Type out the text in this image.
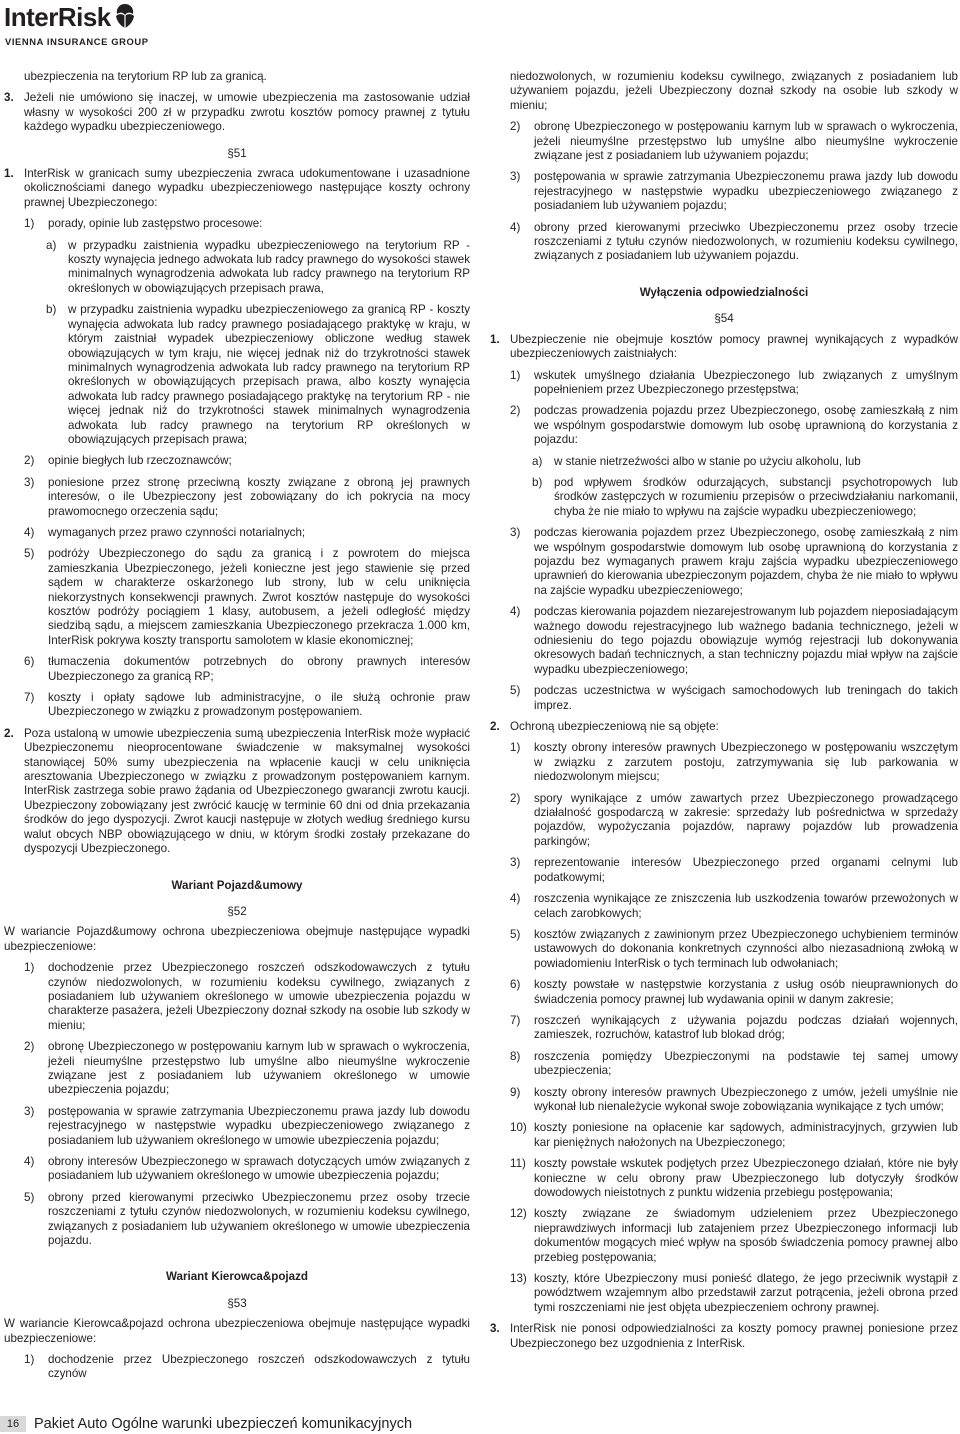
InterRisk
VIENNA INSURANCE GROUP
ubezpieczenia na terytorium RP lub za granicą.
3. Jeżeli nie umówiono się inaczej, w umowie ubezpieczenia ma zastosowanie udział własny w wysokości 200 zł w przypadku zwrotu kosztów pomocy prawnej z tytułu każdego wypadku ubezpieczeniowego.
§51
1. InterRisk w granicach sumy ubezpieczenia zwraca udokumentowane i uzasadnione okolicznościami danego wypadku ubezpieczeniowego następujące koszty ochrony prawnej Ubezpieczonego:
1)	porady, opinie lub zastępstwo procesowe:
a)	w przypadku zaistnienia wypadku ubezpieczeniowego na terytorium RP - koszty wynajęcia jednego adwokata lub radcy prawnego do wysokości stawek minimalnych wynagrodzenia adwokata lub radcy prawnego na terytorium RP określonych w obowiązujących przepisach prawa,
b)	w przypadku zaistnienia wypadku ubezpieczeniowego za granicą RP - koszty wynajęcia adwokata lub radcy prawnego posiadającego praktykę w kraju, w którym zaistniał wypadek ubezpieczeniowy obliczone według stawek obowiązujących w tym kraju, nie więcej jednak niż do trzykrotności stawek minimalnych wynagrodzenia adwokata lub radcy prawnego na terytorium RP określonych w obowiązujących przepisach prawa, albo koszty wynajęcia adwokata lub radcy prawnego posiadającego praktykę na terytorium RP - nie więcej jednak niż do trzykrotności stawek minimalnych wynagrodzenia adwokata lub radcy prawnego na terytorium RP określonych w obowiązujących przepisach prawa;
2)	opinie biegłych lub rzeczoznawców;
3)	poniesione przez stronę przeciwną koszty związane z obroną jej prawnych interesów, o ile Ubezpieczony jest zobowiązany do ich pokrycia na mocy prawomocnego orzeczenia sądu;
4)	wymaganych przez prawo czynności notarialnych;
5)	podróży Ubezpieczonego do sądu za granicą i z powrotem do miejsca zamieszkania Ubezpieczonego, jeżeli konieczne jest jego stawienie się przed sądem w charakterze oskarżonego lub strony, lub w celu uniknięcia niekorzystnych konsekwencji prawnych. Zwrot kosztów następuje do wysokości kosztów podróży pociągiem 1 klasy, autobusem, a jeżeli odległość między siedzibą sądu, a miejscem zamieszkania Ubezpieczonego przekracza 1.000 km, InterRisk pokrywa koszty transportu samolotem w klasie ekonomicznej;
6)	tłumaczenia dokumentów potrzebnych do obrony prawnych interesów Ubezpieczonego za granicą RP;
7)	koszty i opłaty sądowe lub administracyjne, o ile służą ochronie praw Ubezpieczonego w związku z prowadzonym postępowaniem.
2. Poza ustaloną w umowie ubezpieczenia sumą ubezpieczenia InterRisk może wypłacić Ubezpieczonemu nieoprocentowane świadczenie w maksymalnej wysokości stanowiącej 50% sumy ubezpieczenia na wpłacenie kaucji w celu uniknięcia aresztowania Ubezpieczonego w związku z prowadzonym postępowaniem karnym. InterRisk zastrzega sobie prawo żądania od Ubezpieczonego gwarancji zwrotu kaucji. Ubezpieczony zobowiązany jest zwrócić kaucję w terminie 60 dni od dnia przekazania środków do jego dyspozycji. Zwrot kaucji następuje w złotych według średniego kursu walut obcych NBP obowiązującego w dniu, w którym środki zostały przekazane do dyspozycji Ubezpieczonego.
Wariant Pojazd&umowy
§52
W wariancie Pojazd&umowy ochrona ubezpieczeniowa obejmuje następujące wypadki ubezpieczeniowe:
1)	dochodzenie przez Ubezpieczonego roszczeń odszkodowawczych z tytułu czynów niedozwolonych, w rozumieniu kodeksu cywilnego, związanych z posiadaniem lub używaniem określonego w umowie ubezpieczenia pojazdu w charakterze pasażera, jeżeli Ubezpieczony doznał szkody na osobie lub szkody w mieniu;
2)	obronę Ubezpieczonego w postępowaniu karnym lub w sprawach o wykroczenia, jeżeli nieumyślne przestępstwo lub umyślne albo nieumyślne wykroczenie związane jest z posiadaniem lub używaniem określonego w umowie ubezpieczenia pojazdu;
3)	postępowania w sprawie zatrzymania Ubezpieczonemu prawa jazdy lub dowodu rejestracyjnego w następstwie wypadku ubezpieczeniowego związanego z posiadaniem lub używaniem określonego w umowie ubezpieczenia pojazdu;
4)	obrony interesów Ubezpieczonego w sprawach dotyczących umów związanych z posiadaniem lub używaniem określonego w umowie ubezpieczenia pojazdu;
5)	obrony przed kierowanymi przeciwko Ubezpieczonemu przez osoby trzecie roszczeniami z tytułu czynów niedozwolonych, w rozumieniu kodeksu cywilnego, związanych z posiadaniem lub używaniem określonego w umowie ubezpieczenia pojazdu.
Wariant Kierowca&pojazd
§53
W wariancie Kierowca&pojazd ochrona ubezpieczeniowa obejmuje następujące wypadki ubezpieczeniowe:
1)	dochodzenie przez Ubezpieczonego roszczeń odszkodowawczych z tytułu czynów
niedozwolonych, w rozumieniu kodeksu cywilnego, związanych z posiadaniem lub używaniem pojazdu, jeżeli Ubezpieczony doznał szkody na osobie lub szkody w mieniu;
2)	obronę Ubezpieczonego w postępowaniu karnym lub w sprawach o wykroczenia, jeżeli nieumyślne przestępstwo lub umyślne albo nieumyślne wykroczenie związane jest z posiadaniem lub używaniem pojazdu;
3)	postępowania w sprawie zatrzymania Ubezpieczonemu prawa jazdy lub dowodu rejestracyjnego w następstwie wypadku ubezpieczeniowego związanego z posiadaniem lub używaniem pojazdu;
4)	obrony przed kierowanymi przeciwko Ubezpieczonemu przez osoby trzecie roszczeniami z tytułu czynów niedozwolonych, w rozumieniu kodeksu cywilnego, związanych z posiadaniem lub używaniem pojazdu.
Wyłączenia odpowiedzialności
§54
1. Ubezpieczenie nie obejmuje kosztów pomocy prawnej wynikających z wypadków ubezpieczeniowych zaistniałych:
1)	wskutek umyślnego działania Ubezpieczonego lub związanych z umyślnym popełnieniem przez Ubezpieczonego przestępstwa;
2)	podczas prowadzenia pojazdu przez Ubezpieczonego, osobę zamieszkałą z nim we wspólnym gospodarstwie domowym lub osobę uprawnioną do korzystania z pojazdu:
a)	w stanie nietrzeźwości albo w stanie po użyciu alkoholu, lub
b)	pod wpływem środków odurzających, substancji psychotropowych lub środków zastępczych w rozumieniu przepisów o przeciwdziałaniu narkomanii, chyba że nie miało to wpływu na zajście wypadku ubezpieczeniowego;
3)	podczas kierowania pojazdem przez Ubezpieczonego, osobę zamieszkałą z nim we wspólnym gospodarstwie domowym lub osobę uprawnioną do korzystania z pojazdu bez wymaganych prawem kraju zajścia wypadku ubezpieczeniowego uprawnień do kierowania ubezpieczonym pojazdem, chyba że nie miało to wpływu na zajście wypadku ubezpieczeniowego;
4)	podczas kierowania pojazdem niezarejestrowanym lub pojazdem nieposiadającym ważnego dowodu rejestracyjnego lub ważnego badania technicznego, jeżeli w odniesieniu do tego pojazdu obowiązuje wymóg rejestracji lub dokonywania okresowych badań technicznych, a stan techniczny pojazdu miał wpływ na zajście wypadku ubezpieczeniowego;
5)	podczas uczestnictwa w wyścigach samochodowych lub treningach do takich imprez.
2. Ochroną ubezpieczeniową nie są objęte:
1)	koszty obrony interesów prawnych Ubezpieczonego w postępowaniu wszczętym w związku z zarzutem postoju, zatrzymywania się lub parkowania w niedozwolonym miejscu;
2)	spory wynikające z umów zawartych przez Ubezpieczonego prowadzącego działalność gospodarczą w zakresie: sprzedaży lub pośrednictwa w sprzedaży pojazdów, wypożyczania pojazdów, naprawy pojazdów lub prowadzenia parkingów;
3)	reprezentowanie interesów Ubezpieczonego przed organami celnymi lub podatkowymi;
4)	roszczenia wynikające ze zniszczenia lub uszkodzenia towarów przewożonych w celach zarobkowych;
5)	kosztów związanych z zawinionym przez Ubezpieczonego uchybieniem terminów ustawowych do dokonania konkretnych czynności albo niezasadnioną zwłoką w powiadomieniu InterRisk o tych terminach lub odwołaniach;
6)	koszty powstałe w następstwie korzystania z usług osób nieuprawnionych do świadczenia pomocy prawnej lub wydawania opinii w danym zakresie;
7)	roszczeń wynikających z używania pojazdu podczas działań wojennych, zamieszek, rozruchów, katastrof lub blokad dróg;
8)	roszczenia pomiędzy Ubezpieczonymi na podstawie tej samej umowy ubezpieczenia;
9)	koszty obrony interesów prawnych Ubezpieczonego z umów, jeżeli umyślnie nie wykonał lub nienależycie wykonał swoje zobowiązania wynikające z tych umów;
10) koszty poniesione na opłacenie kar sądowych, administracyjnych, grzywien lub kar pieniężnych nałożonych na Ubezpieczonego;
11) koszty powstałe wskutek podjętych przez Ubezpieczonego działań, które nie były konieczne w celu obrony praw Ubezpieczonego lub dotyczyły środków dowodowych nieistotnych z punktu widzenia przebiegu postępowania;
12) koszty związane ze świadomym udzieleniem przez Ubezpieczonego nieprawdziwych informacji lub zatajeniem przez Ubezpieczonego informacji lub dokumentów mogących mieć wpływ na sposób świadczenia pomocy prawnej albo przebieg postępowania;
13) koszty, które Ubezpieczony musi ponieść dlatego, że jego przeciwnik wystąpił z powództwem wzajemnym albo przedstawił zarzut potrącenia, jeżeli obrona przed tymi roszczeniami nie jest objęta ubezpieczeniem ochrony prawnej.
3. InterRisk nie ponosi odpowiedzialności za koszty pomocy prawnej poniesione przez Ubezpieczonego bez uzgodnienia z InterRisk.
16	Pakiet Auto Ogólne warunki ubezpieczeń komunikacyjnych
